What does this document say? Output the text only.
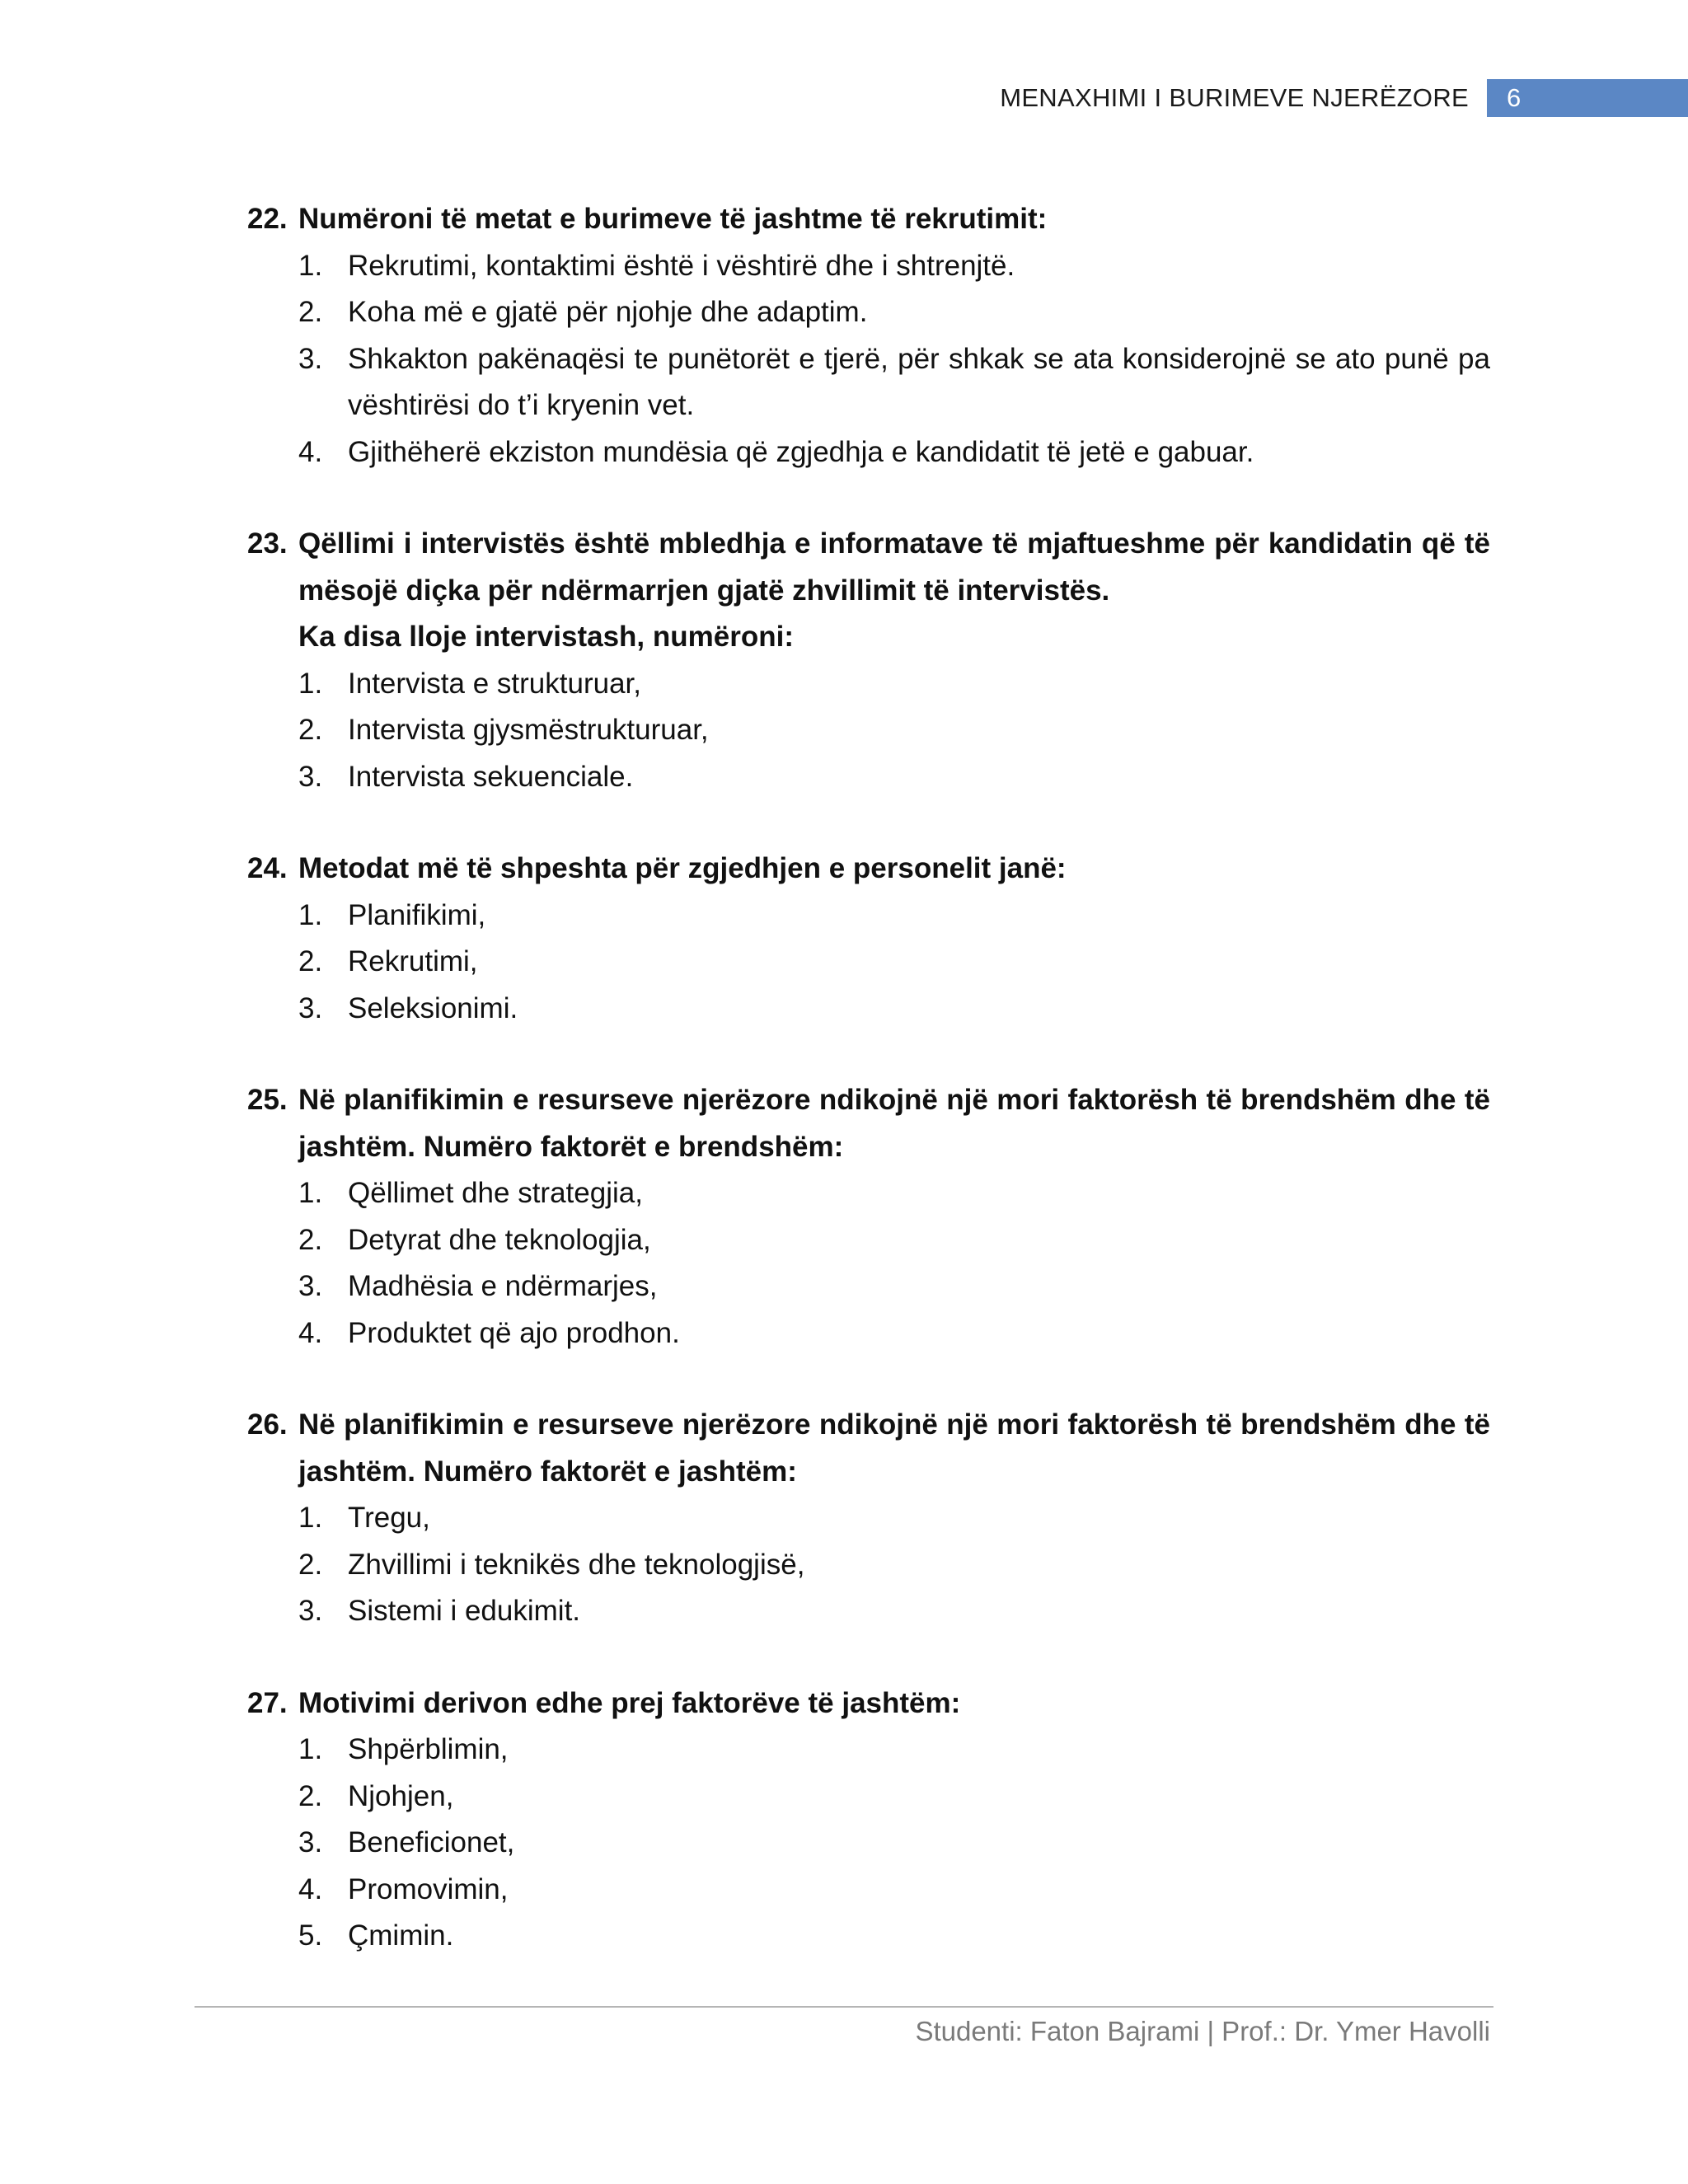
MENAXHIMI I BURIMEVE NJERËZORE	6
22. Numëroni të metat e burimeve të jashtme të rekrutimit:
1. Rekrutimi, kontaktimi është i vështirë dhe i shtrenjtë.
2. Koha më e gjatë për njohje dhe adaptim.
3. Shkakton pakënaqësi te punëtorët e tjerë, për shkak se ata konsiderojnë se ato punë pa vështirësi do t’i kryenin vet.
4. Gjithëherë ekziston mundësia që zgjedhja e kandidatit të jetë e gabuar.
23. Qëllimi i intervistës është mbledhja e informatave të mjaftueshme për kandidatin që të mësojë diçka për ndërmarrjen gjatë zhvillimit të intervistës.
Ka disa lloje intervistash, numëroni:
1. Intervista e strukturuar,
2. Intervista gjysmëstrukturuar,
3. Intervista sekuenciale.
24. Metodat më të shpeshta për zgjedhjen e personelit janë:
1. Planifikimi,
2. Rekrutimi,
3. Seleksionimi.
25. Në planifikimin e resurseve njerëzore ndikojnë një mori faktorësh të brendshëm dhe të jashtëm. Numëro faktorët e brendshëm:
1. Qëllimet dhe strategjia,
2. Detyrat dhe teknologjia,
3. Madhësia e ndërmarjes,
4. Produktet që ajo prodhon.
26. Në planifikimin e resurseve njerëzore ndikojnë një mori faktorësh të brendshëm dhe të jashtëm. Numëro faktorët e jashtëm:
1. Tregu,
2. Zhvillimi i teknikës dhe teknologjisë,
3. Sistemi i edukimit.
27. Motivimi derivon edhe prej faktorëve të jashtëm:
1. Shpërblimin,
2. Njohjen,
3. Beneficionet,
4. Promovimin,
5. Çmimin.
Studenti: Faton Bajrami | Prof.: Dr. Ymer Havolli
